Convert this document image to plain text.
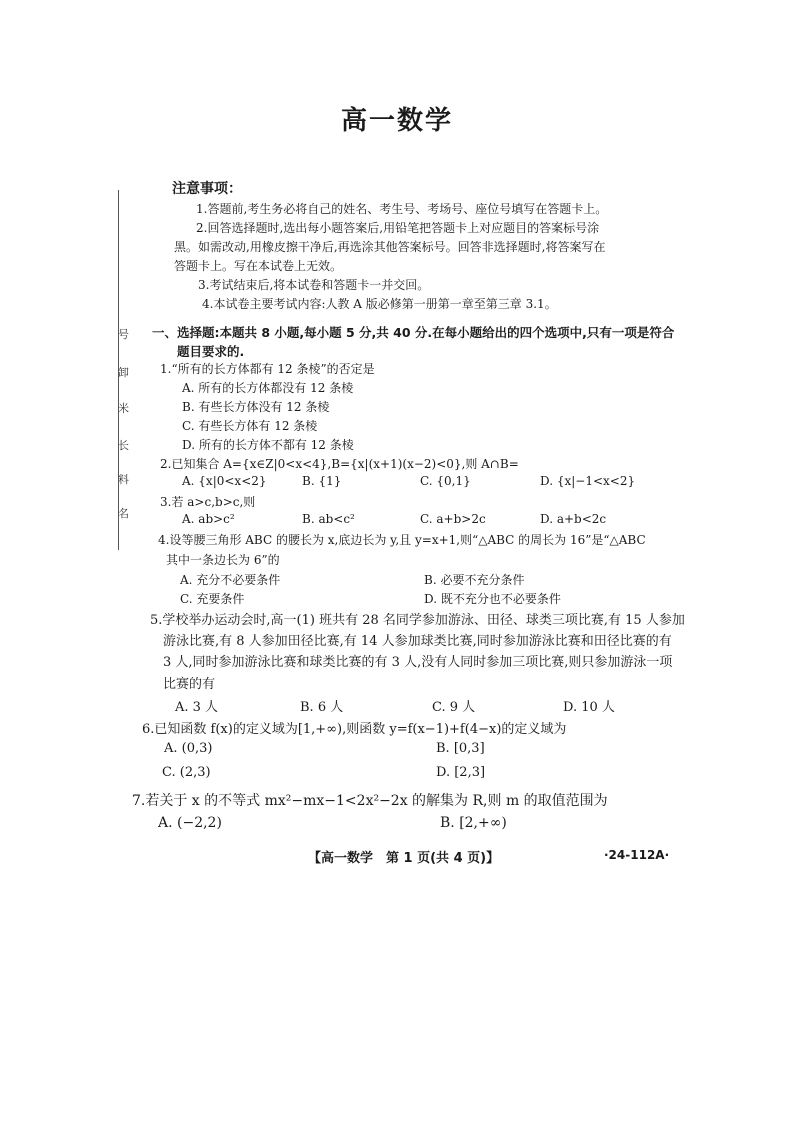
高一数学
注意事项：
1.答题前,考生务必将自己的姓名、考生号、考场号、座位号填写在答题卡上。
2.回答选择题时,选出每小题答案后,用铅笔把答题卡上对应题目的答案标号涂
黑。如需改动,用橡皮擦干净后,再选涂其他答案标号。回答非选择题时,将答案写在
答题卡上。写在本试卷上无效。
3.考试结束后,将本试卷和答题卡一并交回。
4.本试卷主要考试内容:人教 A 版必修第一册第一章至第三章 3.1。
号
卸
米
长
料
名
一、选择题:本题共 8 小题,每小题 5 分,共 40 分.在每小题给出的四个选项中,只有一项是符合
题目要求的.
1.“所有的长方体都有 12 条棱”的否定是
A. 所有的长方体都没有 12 条棱
B. 有些长方体没有 12 条棱
C. 有些长方体有 12 条棱
D. 所有的长方体不都有 12 条棱
2.已知集合 A={x∈Z|0<x<4},B={x|(x+1)(x−2)<0},则 A∩B=
A. {x|0<x<2}	B. {1}	C. {0,1}	D. {x|−1<x<2}
3.若 a>c,b>c,则
A. ab>c²	B. ab<c²	C. a+b>2c	D. a+b<2c
4.设等腰三角形 ABC 的腰长为 x,底边长为 y,且 y=x+1,则“△ABC 的周长为 16”是“△ABC
其中一条边长为 6”的
A. 充分不必要条件	B. 必要不充分条件
C. 充要条件	D. 既不充分也不必要条件
5.学校举办运动会时,高一(1) 班共有 28 名同学参加游泳、田径、球类三项比赛,有 15 人参加
游泳比赛,有 8 人参加田径比赛,有 14 人参加球类比赛,同时参加游泳比赛和田径比赛的有
3 人,同时参加游泳比赛和球类比赛的有 3 人,没有人同时参加三项比赛,则只参加游泳一项
比赛的有
A. 3 人	B. 6 人	C. 9 人	D. 10 人
6.已知函数 f(x)的定义域为[1,+∞),则函数 y=f(x−1)+f(4−x)的定义域为
A. (0,3)	B. [0,3]
C. (2,3)	D. [2,3]
7.若关于 x 的不等式 mx²−mx−1<2x²−2x 的解集为 R,则 m 的取值范围为
A. (−2,2)	B. [2,+∞)
【高一数学　第 1 页(共 4 页)】	·24-112A·
